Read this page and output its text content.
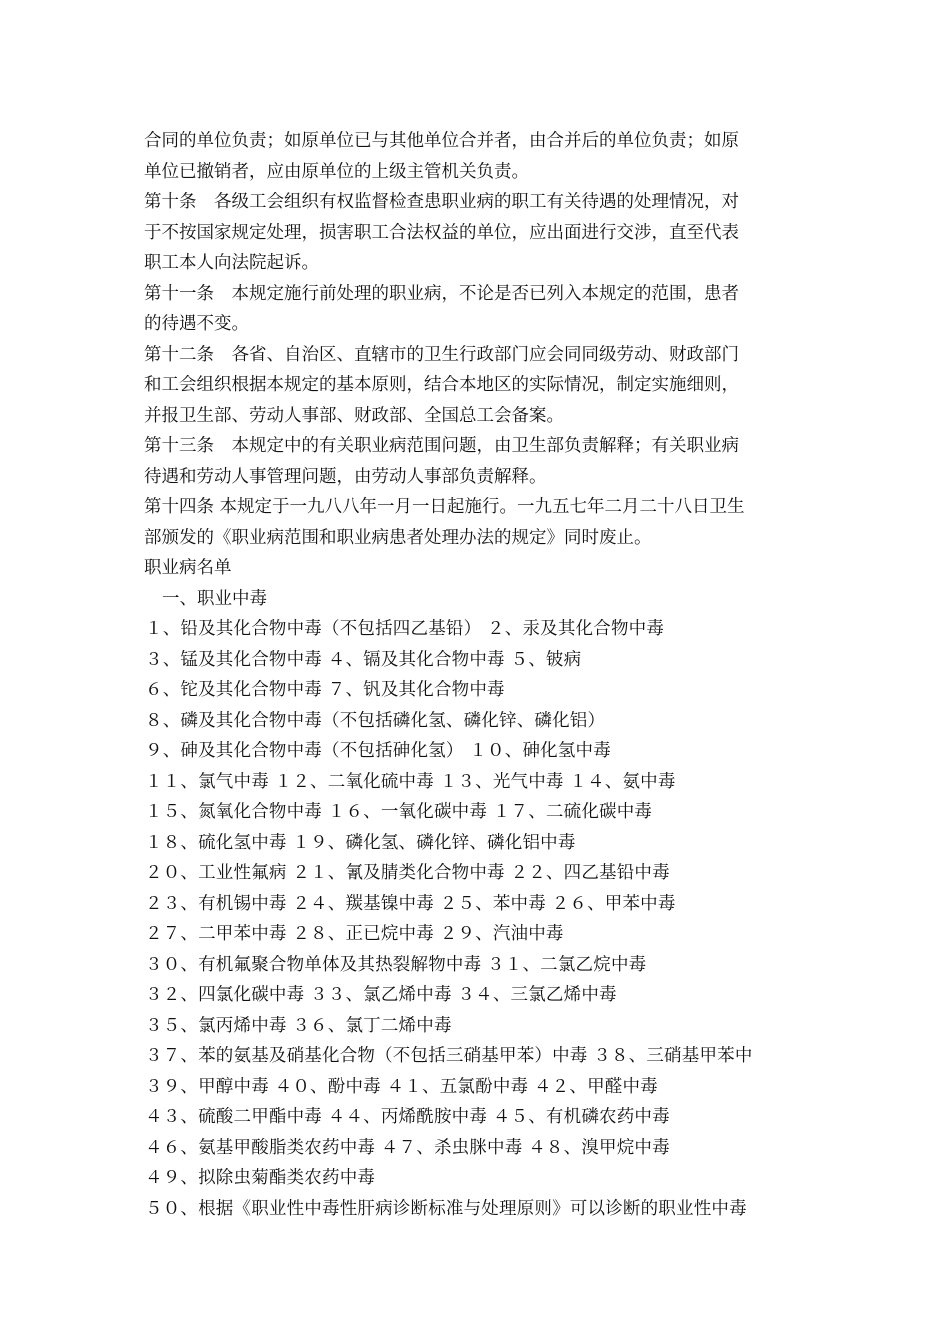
合同的单位负责；如原单位已与其他单位合并者，由合并后的单位负责；如原
单位已撤销者，应由原单位的上级主管机关负责。
第十条　各级工会组织有权监督检查患职业病的职工有关待遇的处理情况，对
于不按国家规定处理，损害职工合法权益的单位，应出面进行交涉，直至代表
职工本人向法院起诉。
第十一条　本规定施行前处理的职业病，不论是否已列入本规定的范围，患者
的待遇不变。
第十二条　各省、自治区、直辖市的卫生行政部门应会同同级劳动、财政部门
和工会组织根据本规定的基本原则，结合本地区的实际情况，制定实施细则，
并报卫生部、劳动人事部、财政部、全国总工会备案。
第十三条　本规定中的有关职业病范围问题，由卫生部负责解释；有关职业病
待遇和劳动人事管理问题，由劳动人事部负责解释。
第十四条 本规定于一九八八年一月一日起施行。一九五七年二月二十八日卫生
部颁发的《职业病范围和职业病患者处理办法的规定》同时废止。
职业病名单
一、职业中毒
１、铅及其化合物中毒（不包括四乙基铅） ２、汞及其化合物中毒
３、锰及其化合物中毒 ４、镉及其化合物中毒 ５、铍病
６、铊及其化合物中毒 ７、钒及其化合物中毒
８、磷及其化合物中毒（不包括磷化氢、磷化锌、磷化铝）
９、砷及其化合物中毒（不包括砷化氢） １０、砷化氢中毒
１１、氯气中毒 １２、二氧化硫中毒 １３、光气中毒 １４、氨中毒
１５、氮氧化合物中毒 １６、一氧化碳中毒 １７、二硫化碳中毒
１８、硫化氢中毒 １９、磷化氢、磷化锌、磷化铝中毒
２０、工业性氟病 ２１、氰及腈类化合物中毒 ２２、四乙基铅中毒
２３、有机锡中毒 ２４、羰基镍中毒 ２５、苯中毒 ２６、甲苯中毒
２７、二甲苯中毒 ２８、正已烷中毒 ２９、汽油中毒
３０、有机氟聚合物单体及其热裂解物中毒 ３１、二氯乙烷中毒
３２、四氯化碳中毒 ３３、氯乙烯中毒 ３４、三氯乙烯中毒
３５、氯丙烯中毒 ３６、氯丁二烯中毒
３７、苯的氨基及硝基化合物（不包括三硝基甲苯）中毒 ３８、三硝基甲苯中
３９、甲醇中毒 ４０、酚中毒 ４１、五氯酚中毒 ４２、甲醛中毒
４３、硫酸二甲酯中毒 ４４、丙烯酰胺中毒 ４５、有机磷农药中毒
４６、氨基甲酸脂类农药中毒 ４７、杀虫脒中毒 ４８、溴甲烷中毒
４９、拟除虫菊酯类农药中毒
５０、根据《职业性中毒性肝病诊断标准与处理原则》可以诊断的职业性中毒
